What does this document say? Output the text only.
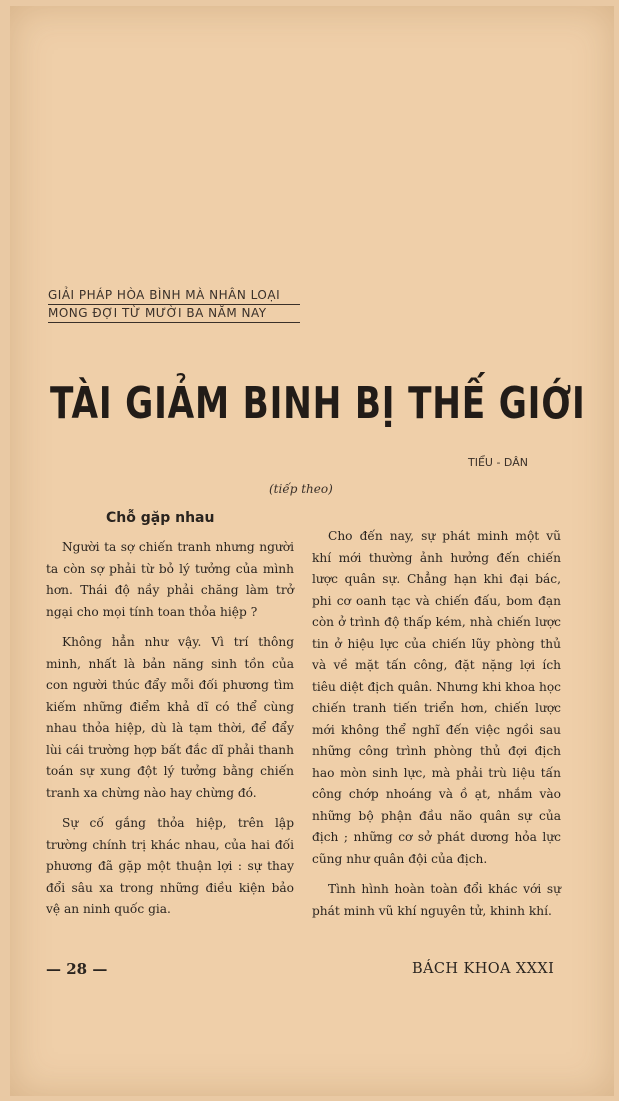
GIẢI PHÁP HÒA BÌNH MÀ NHÂN LOẠI
MONG ĐỢI TỪ MƯỜI BA NĂM NAY
TÀI GIẢM BINH BỊ THẾ GIỚI
TIỂU - DÂN
(tiếp theo)
Chỗ gặp nhau

Người ta sợ chiến tranh nhưng người ta còn sợ phải từ bỏ lý tưởng của mình hơn. Thái độ nầy phải chăng làm trở ngại cho mọi tính toan thỏa hiệp ?

Không hẳn như vậy. Vì trí thông minh, nhất là bản năng sinh tồn của con người thúc đẩy mỗi đối phương tìm kiếm những điểm khả dĩ có thể cùng nhau thỏa hiệp, dù là tạm thời, để đẩy lùi cái trường hợp bất đắc dĩ phải thanh toán sự xung đột lý tưởng bằng chiến tranh xa chừng nào hay chừng đó.

Sự cố gắng thỏa hiệp, trên lập trường chính trị khác nhau, của hai đối phương đã gặp một thuận lợi : sự thay đổi sâu xa trong những điều kiện bảo vệ an ninh quốc gia.

Cho đến nay, sự phát minh một vũ khí mới thường ảnh hưởng đến chiến lược quân sự. Chẳng hạn khi đại bác, phi cơ oanh tạc và chiến đấu, bom đạn còn ở trình độ thấp kém, nhà chiến lược tin ở hiệu lực của chiến lũy phòng thủ và về mặt tấn công, đặt nặng lợi ích tiêu diệt địch quân. Nhưng khi khoa học chiến tranh tiến triển hơn, chiến lược mới không thể nghĩ đến việc ngồi sau những công trình phòng thủ đợi địch hao mòn sinh lực, mà phải trù liệu tấn công chớp nhoáng và ồ ạt, nhắm vào những bộ phận đầu não quân sự của địch ; những cơ sở phát dương hỏa lực cũng như quân đội của địch.

Tình hình hoàn toàn đổi khác với sự phát minh vũ khí nguyên tử, khinh khí.

— 28 —	BÁCH KHOA XXXI
